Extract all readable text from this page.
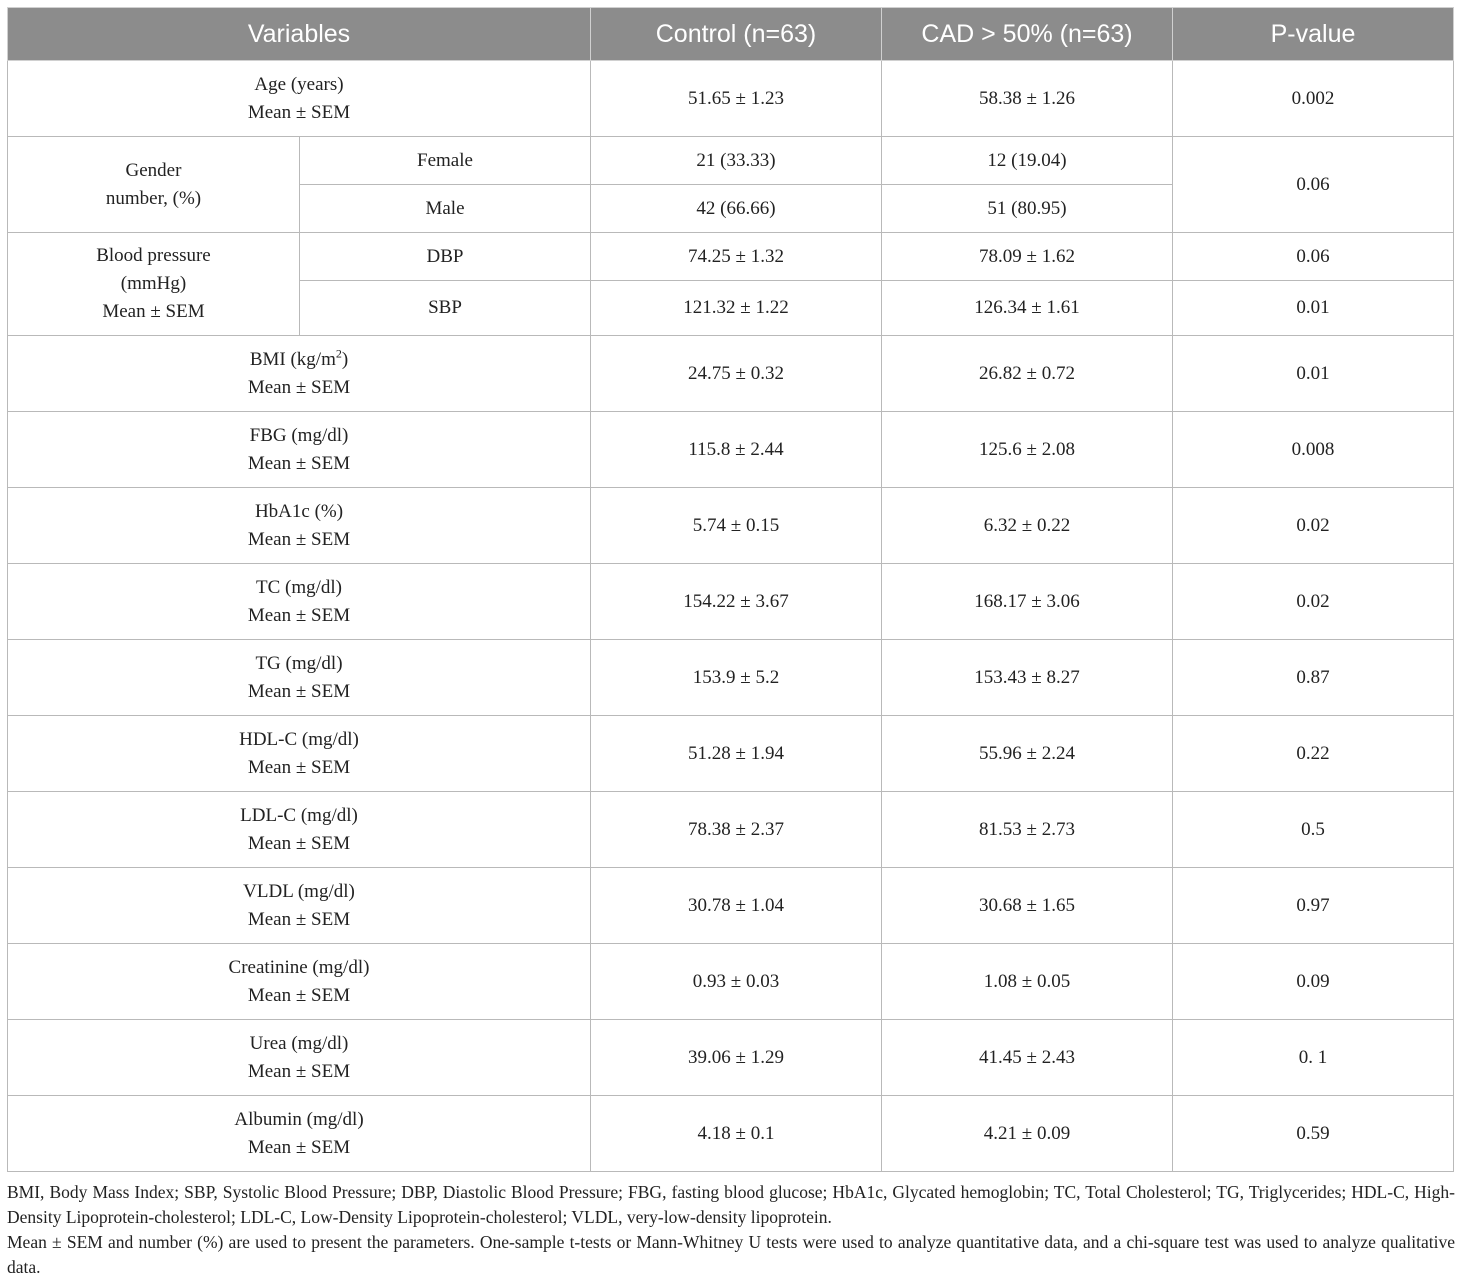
Variables		Control (n=63)	CAD > 50% (n=63)	P-value

Age (years)
Mean ± SEM		51.65 ± 1.23	58.38 ± 1.26	0.002

Gender
number, (%)	Female	21 (33.33)	12 (19.04)	0.06
	Male	42 (66.66)	51 (80.95)	

Blood pressure
(mmHg)
Mean ± SEM	DBP	74.25 ± 1.32	78.09 ± 1.62	0.06
	SBP	121.32 ± 1.22	126.34 ± 1.61	0.01

BMI $(kg/m^2)$
Mean ± SEM		24.75 ± 0.32	26.82 ± 0.72	0.01

FBG (mg/dl)
Mean ± SEM		115.8 ± 2.44	125.6 ± 2.08	0.008

HbA1c (%)
Mean ± SEM		5.74 ± 0.15	6.32 ± 0.22	0.02

TC (mg/dl)
Mean ± SEM		154.22 ± 3.67	168.17 ± 3.06	0.02

TG (mg/dl)
Mean ± SEM		153.9 ± 5.2	153.43 ± 8.27	0.87

HDL-C (mg/dl)
Mean ± SEM		51.28 ± 1.94	55.96 ± 2.24	0.22

LDL-C (mg/dl)
Mean ± SEM		78.38 ± 2.37	81.53 ± 2.73	0.5

VLDL (mg/dl)
Mean ± SEM		30.78 ± 1.04	30.68 ± 1.65	0.97

Creatinine (mg/dl)
Mean ± SEM		0.93 ± 0.03	1.08 ± 0.05	0.09

Urea (mg/dl)
Mean ± SEM		39.06 ± 1.29	41.45 ± 2.43	0. 1

Albumin (mg/dl)
Mean ± SEM		4.18 ± 0.1	4.21 ± 0.09	0.59

BMI, Body Mass Index; SBP, Systolic Blood Pressure; DBP, Diastolic Blood Pressure; FBG, fasting blood glucose; HbA1c, Glycated hemoglobin; TC, Total Cholesterol; TG, Triglycerides; HDL-C, High-Density Lipoprotein-cholesterol; LDL-C, Low-Density Lipoprotein-cholesterol; VLDL, very-low-density lipoprotein.

Mean ± SEM and number (%) are used to present the parameters. One-sample t-tests or Mann-Whitney U tests were used to analyze quantitative data, and a chi-square test was used to analyze qualitative data.
